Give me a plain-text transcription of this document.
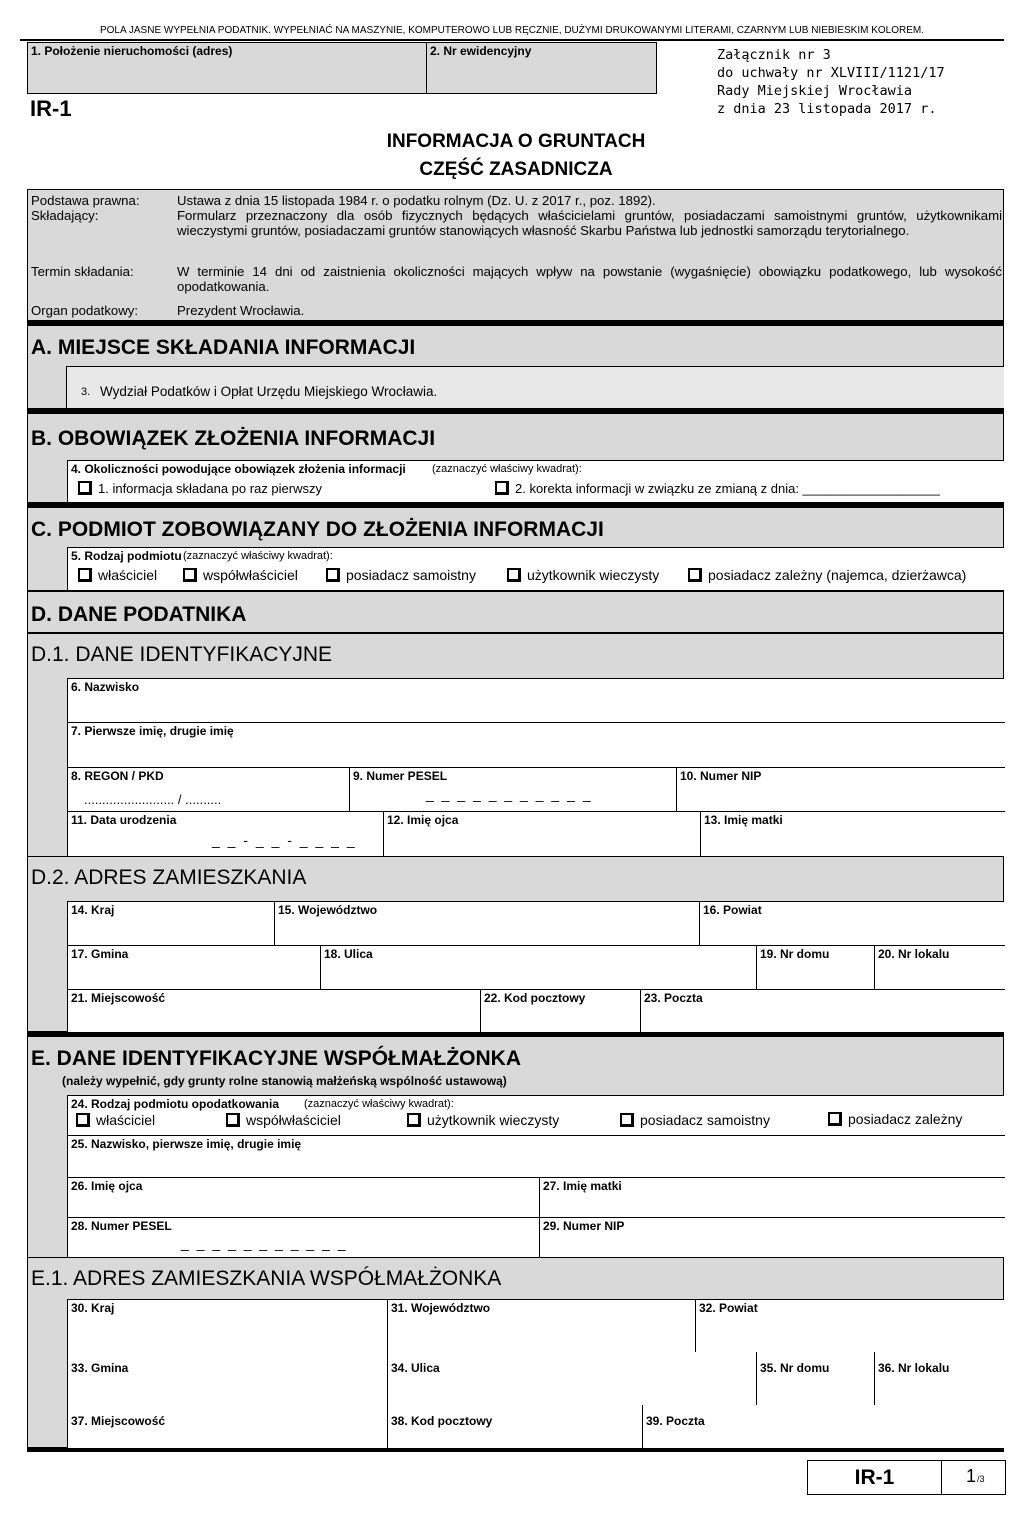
POLA JASNE WYPEŁNIA PODATNIK. WYPEŁNIAĆ NA MASZYNIE, KOMPUTEROWO LUB RĘCZNIE, DUŻYMI DRUKOWANYMI LITERAMI, CZARNYM LUB NIEBIESKIM KOLOREM.
1. Położenie nieruchomości (adres)	2. Nr ewidencyjny	Załącznik nr 3
do uchwały nr XLVIII/1121/17
Rady Miejskiej Wrocławia
z dnia 23 listopada 2017 r.
IR-1
INFORMACJA O GRUNTACH
CZĘŚĆ ZASADNICZA
Podstawa prawna:	Ustawa z dnia 15 listopada 1984 r. o podatku rolnym (Dz. U. z 2017 r., poz. 1892).
Składający:	Formularz przeznaczony dla osób fizycznych będących właścicielami gruntów, posiadaczami samoistnymi gruntów, użytkownikami wieczystymi gruntów, posiadaczami gruntów stanowiących własność Skarbu Państwa lub jednostki samorządu terytorialnego.
Termin składania:	W terminie 14 dni od zaistnienia okoliczności mających wpływ na powstanie (wygaśnięcie) obowiązku podatkowego, lub wysokość opodatkowania.
Organ podatkowy:	Prezydent Wrocławia.
A. MIEJSCE SKŁADANIA INFORMACJI
3. Wydział Podatków i Opłat Urzędu Miejskiego Wrocławia.
B. OBOWIĄZEK ZŁOŻENIA INFORMACJI
4. Okoliczności powodujące obowiązek złożenia informacji (zaznaczyć właściwy kwadrat):
1. informacja składana po raz pierwszy	2. korekta informacji w związku ze zmianą z dnia: ___________________
C. PODMIOT ZOBOWIĄZANY DO ZŁOŻENIA INFORMACJI
5. Rodzaj podmiotu (zaznaczyć właściwy kwadrat):
właściciel	współwłaściciel	posiadacz samoistny	użytkownik wieczysty	posiadacz zależny (najemca, dzierżawca)
D. DANE PODATNIKA
D.1. DANE IDENTYFIKACYJNE
6. Nazwisko
7. Pierwsze imię, drugie imię
8. REGON / PKD
......................... / ..........
9. Numer PESEL
_ _ _ _ _ _ _ _ _ _ _
10. Numer NIP
11. Data urodzenia
_ _ - _ _ - _ _ _ _
12. Imię ojca	13. Imię matki
D.2. ADRES ZAMIESZKANIA
14. Kraj	15. Województwo	16. Powiat
17. Gmina	18. Ulica	19. Nr domu	20. Nr lokalu
21. Miejscowość	22. Kod pocztowy	23. Poczta
E. DANE IDENTYFIKACYJNE WSPÓŁMAŁŻONKA
(należy wypełnić, gdy grunty rolne stanowią małżeńską wspólność ustawową)
24. Rodzaj podmiotu opodatkowania (zaznaczyć właściwy kwadrat):
właściciel	współwłaściciel	użytkownik wieczysty	posiadacz samoistny	posiadacz zależny
25. Nazwisko, pierwsze imię, drugie imię
26. Imię ojca	27. Imię matki
28. Numer PESEL
_ _ _ _ _ _ _ _ _ _ _
29. Numer NIP
E.1. ADRES ZAMIESZKANIA WSPÓŁMAŁŻONKA
30. Kraj	31. Województwo	32. Powiat
33. Gmina	34. Ulica	35. Nr domu	36. Nr lokalu
37. Miejscowość	38. Kod pocztowy	39. Poczta
IR-1	1 /3
